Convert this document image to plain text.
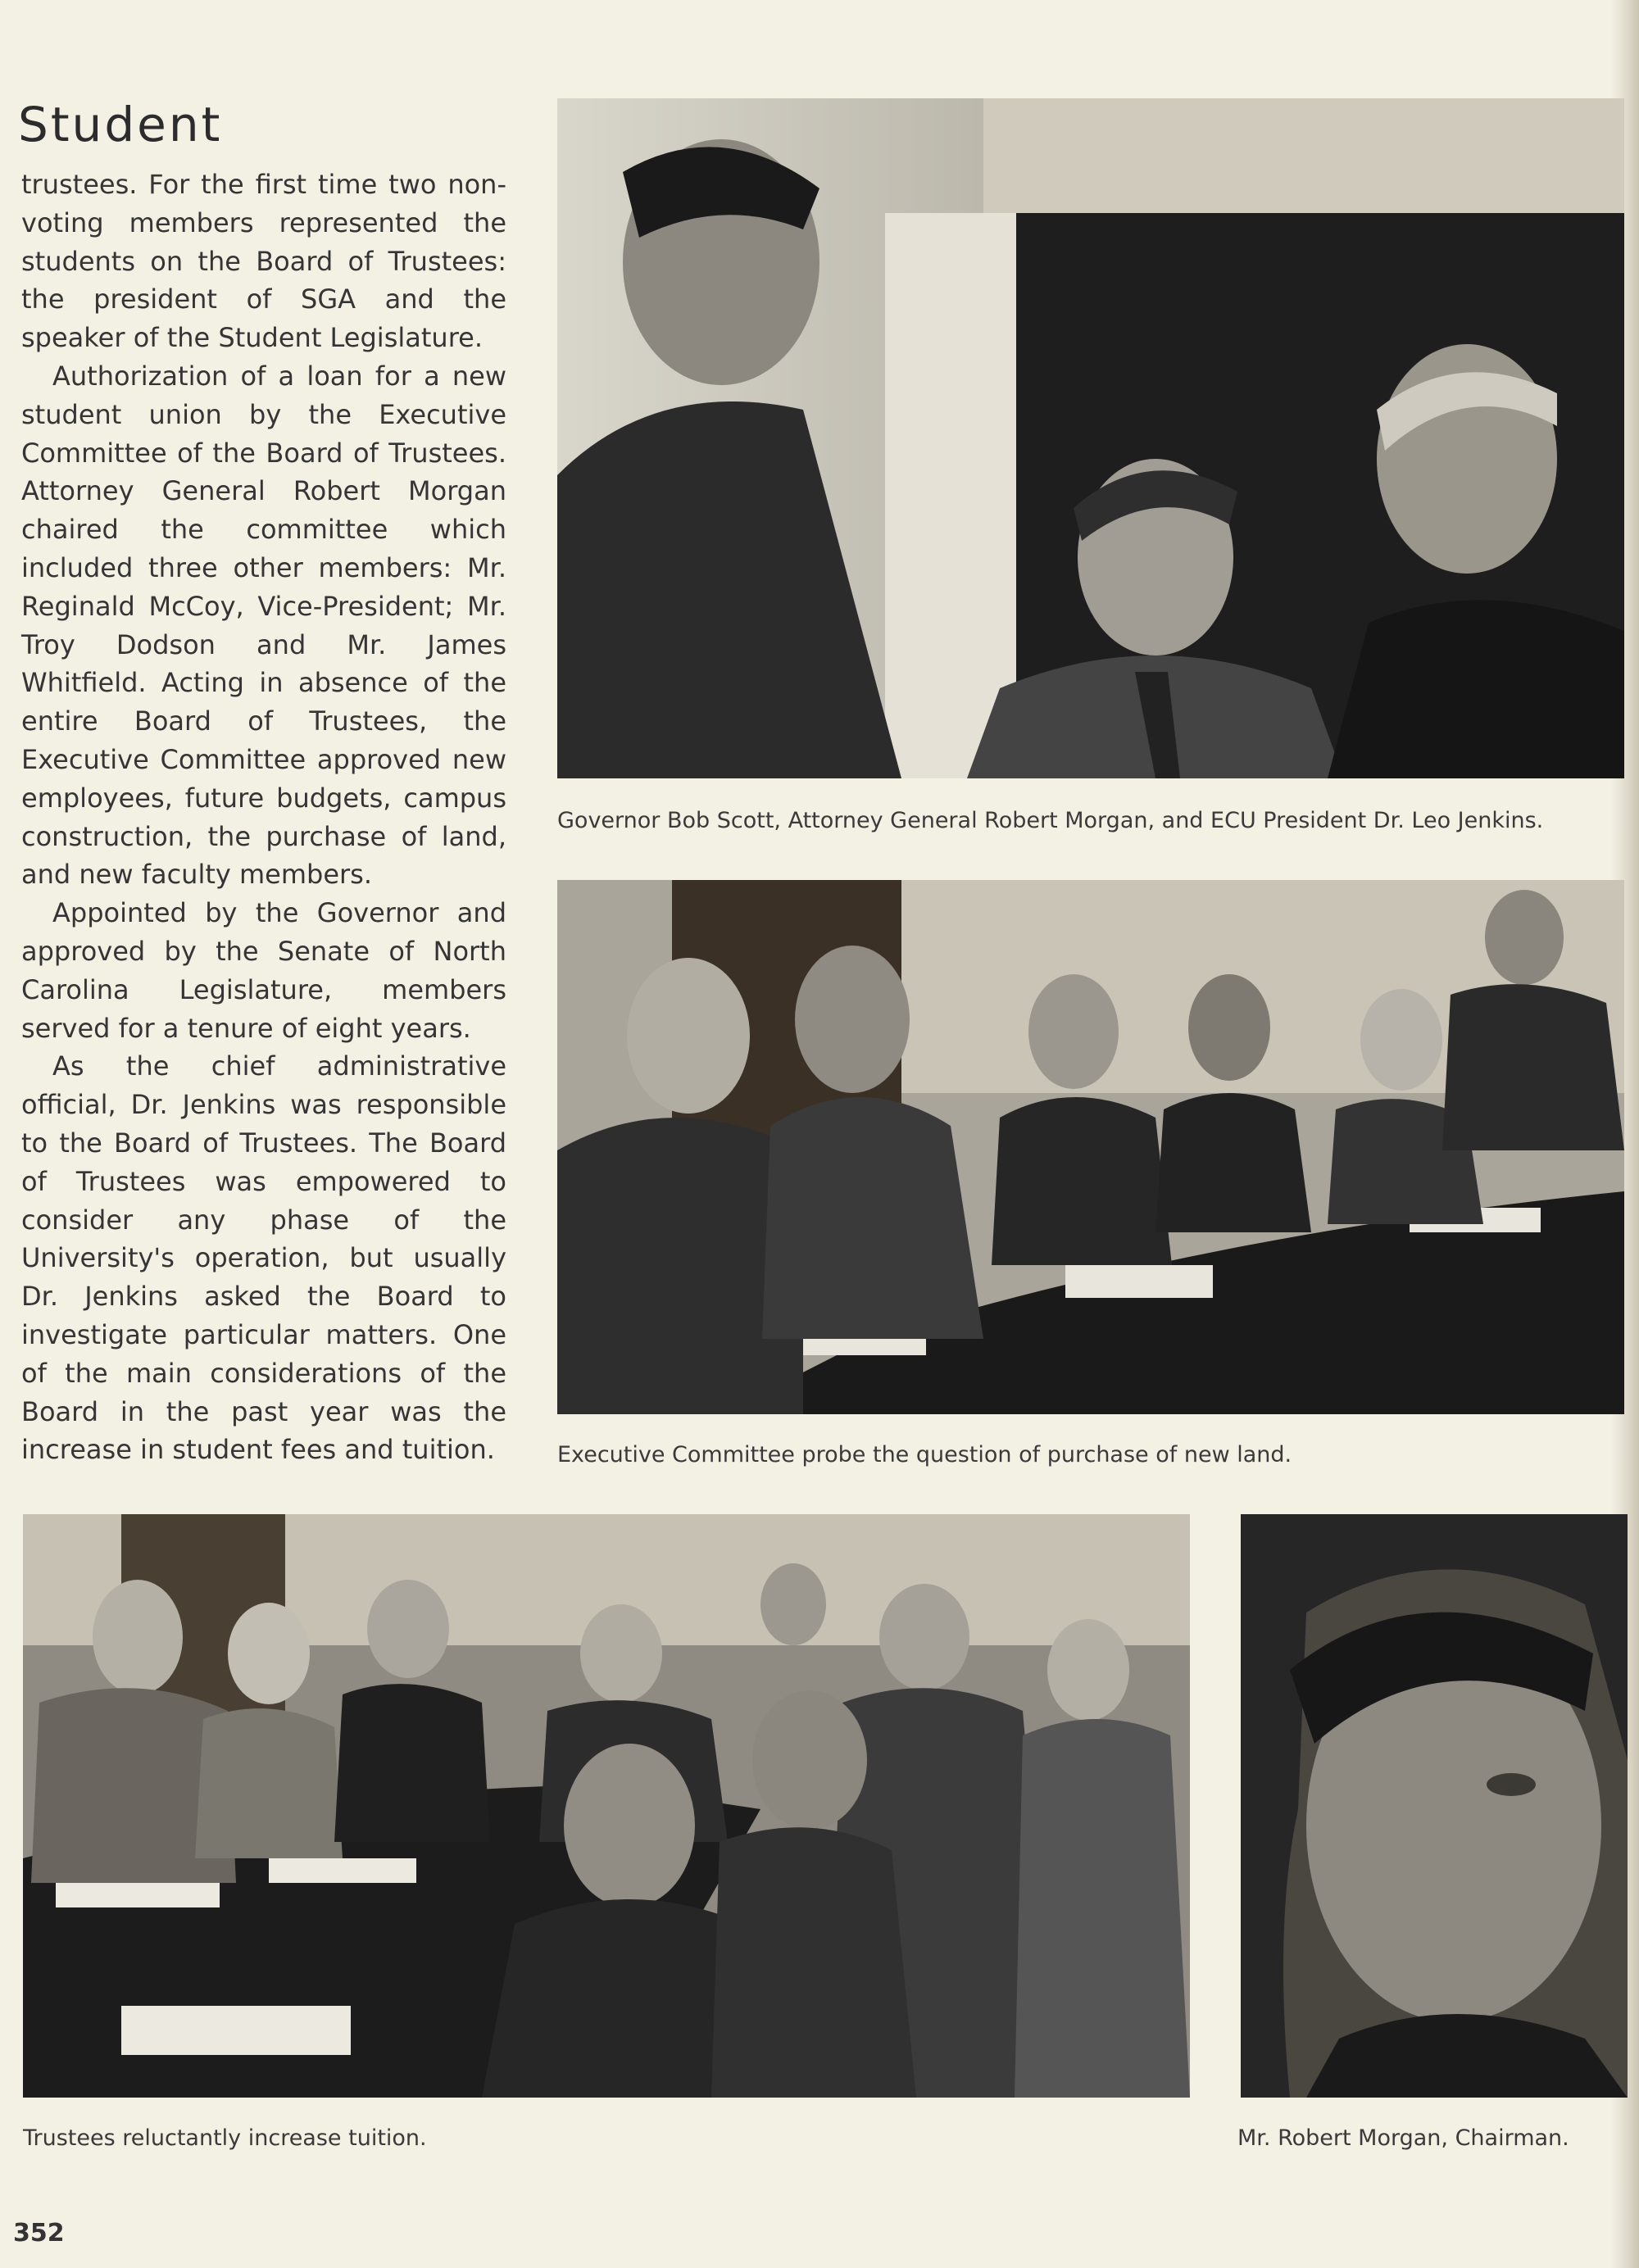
Student

trustees. For the first time two non-voting members represented the students on the Board of Trustees: the president of SGA and the speaker of the Student Legislature.

Authorization of a loan for a new student union by the Executive Committee of the Board of Trustees. Attorney General Robert Morgan chaired the committee which included three other members: Mr. Reginald McCoy, Vice-President; Mr. Troy Dodson and Mr. James Whitfield. Acting in absence of the entire Board of Trustees, the Executive Committee approved new employees, future budgets, campus construction, the purchase of land, and new faculty members.

Appointed by the Governor and approved by the Senate of North Carolina Legislature, members served for a tenure of eight years.

As the chief administrative official, Dr. Jenkins was responsible to the Board of Trustees. The Board of Trustees was empowered to consider any phase of the University's operation, but usually Dr. Jenkins asked the Board to investigate particular matters. One of the main considerations of the Board in the past year was the increase in student fees and tuition.

Governor Bob Scott, Attorney General Robert Morgan, and ECU President Dr. Leo Jenkins.

Executive Committee probe the question of purchase of new land.

Trustees reluctantly increase tuition.	Mr. Robert Morgan, Chairman.

352
